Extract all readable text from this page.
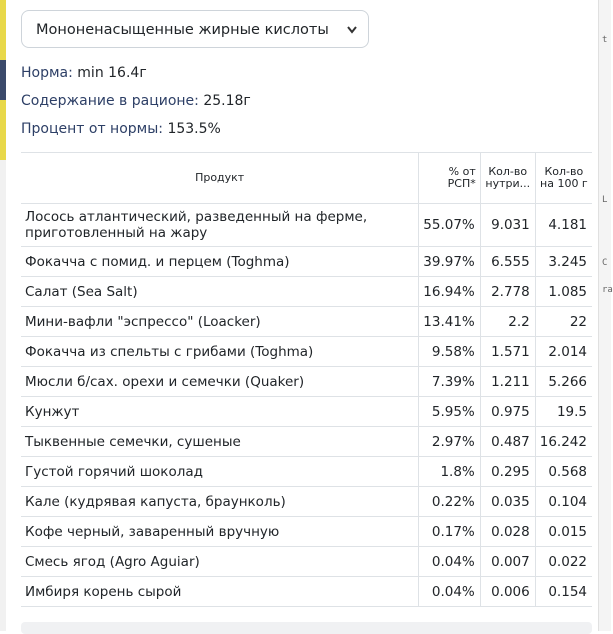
t
L
C
ra
Мононенасыщенные жирные кислоты
Норма: min 16.4г
Содержание в рационе: 25.18г
Процент от нормы: 153.5%
Продукт	% от РСП*	Кол-во нутри...	Кол-во на 100 г
Лосось атлантический, разведенный на ферме, приготовленный на жару	55.07%	9.031	4.181
Фокачча с помид. и перцем (Toghma)	39.97%	6.555	3.245
Салат (Sea Salt)	16.94%	2.778	1.085
Мини-вафли "эспрессо" (Loacker)	13.41%	2.2	22
Фокачча из спельты с грибами (Toghma)	9.58%	1.571	2.014
Мюсли б/сах. орехи и семечки (Quaker)	7.39%	1.211	5.266
Кунжут	5.95%	0.975	19.5
Тыквенные семечки, сушеные	2.97%	0.487	16.242
Густой горячий шоколад	1.8%	0.295	0.568
Кале (кудрявая капуста, браунколь)	0.22%	0.035	0.104
Кофе черный, заваренный вручную	0.17%	0.028	0.015
Смесь ягод (Agro Aguiar)	0.04%	0.007	0.022
Имбиря корень сырой	0.04%	0.006	0.154
